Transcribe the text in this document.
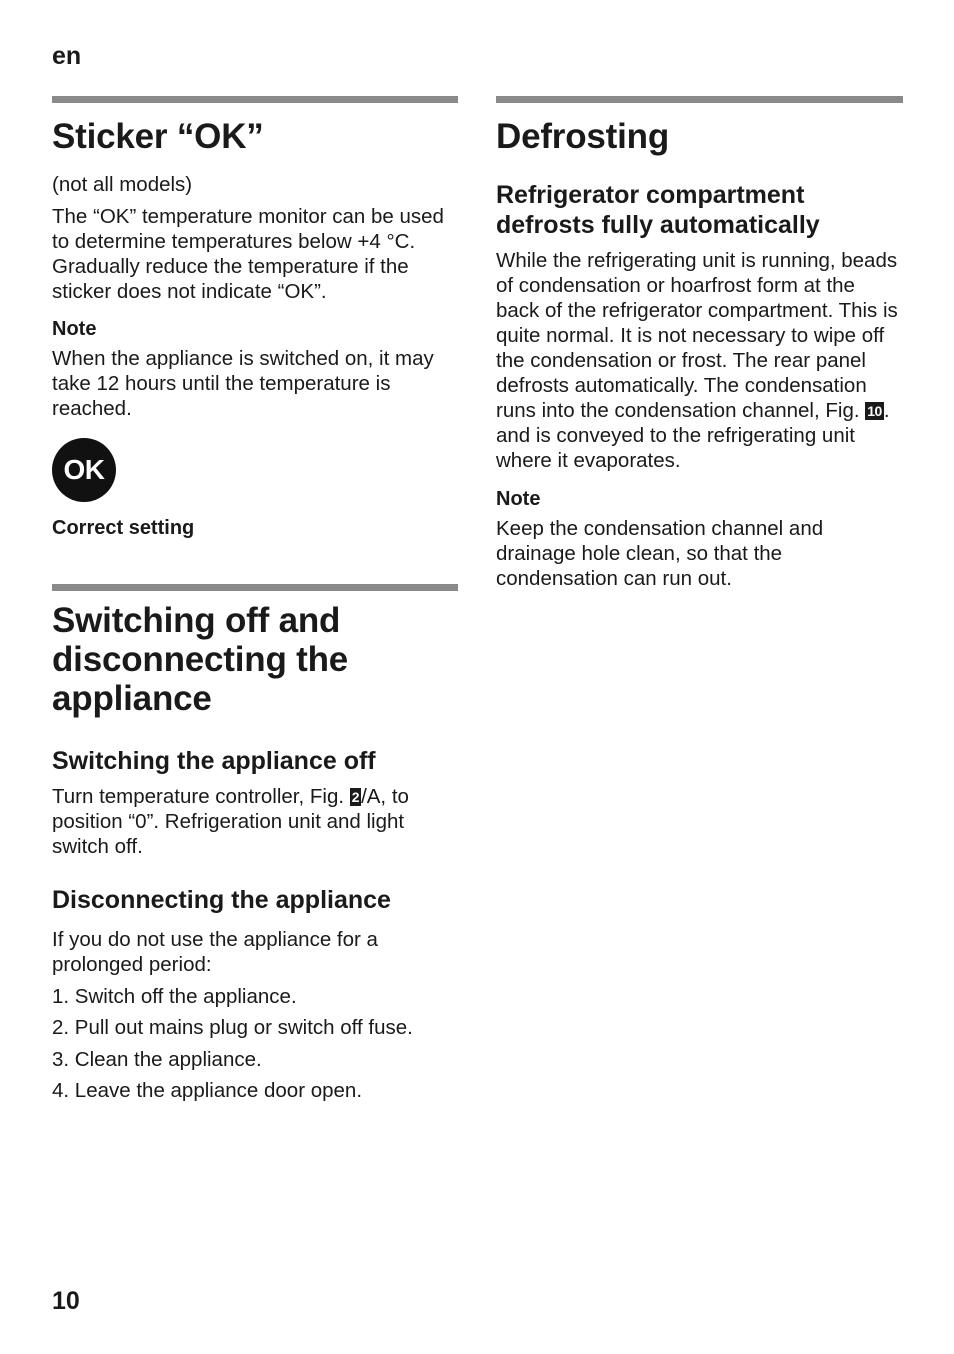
en
Sticker “OK”

(not all models)

The “OK” temperature monitor can be used to determine temperatures below +4 °C. Gradually reduce the temperature if the sticker does not indicate “OK”.

Note

When the appliance is switched on, it may take 12 hours until the temperature is reached.

OK
Correct setting
Switching off and disconnecting the appliance
Switching the appliance off

Turn temperature controller, Fig. 2/A, to position “0”. Refrigeration unit and light switch off.

Disconnecting the appliance

If you do not use the appliance for a prolonged period:

1. Switch off the appliance.
2. Pull out mains plug or switch off fuse.
3. Clean the appliance.
4. Leave the appliance door open.
Defrosting
Refrigerator compartment defrosts fully automatically

While the refrigerating unit is running, beads of condensation or hoarfrost form at the back of the refrigerator compartment. This is quite normal. It is not necessary to wipe off the condensation or frost. The rear panel defrosts automatically. The condensation runs into the condensation channel, Fig. 10. and is conveyed to the refrigerating unit where it evaporates.

Note

Keep the condensation channel and drainage hole clean, so that the condensation can run out.

10
